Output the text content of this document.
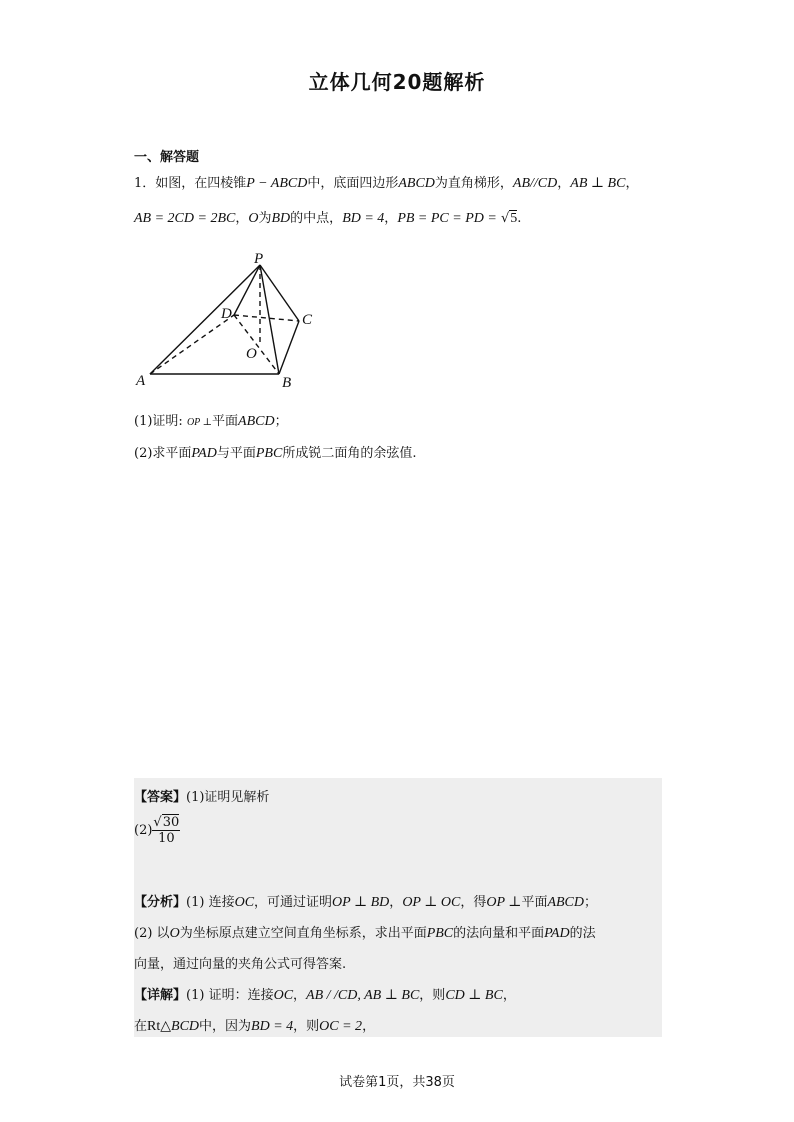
立体几何20题解析
一、解答题
1．如图，在四棱锥P − ABCD中，底面四边形ABCD为直角梯形，AB//CD，AB ⊥ BC，
AB = 2CD = 2BC，O为BD的中点，BD = 4，PB = PC = PD = √5.
P
D	C
O
A	B
(1)证明: OP ⊥平面ABCD；
(2)求平面PAD与平面PBC所成锐二面角的余弦值.
【答案】(1)证明见解析
$(2) \frac{√30}{10}$
【分析】(1) 连接OC，可通过证明OP ⊥ BD，OP ⊥ OC，得OP ⊥平面ABCD；
(2) 以O为坐标原点建立空间直角坐标系，求出平面PBC的法向量和平面PAD的法
向量，通过向量的夹角公式可得答案.
【详解】(1) 证明：连接OC，AB / /CD, AB ⊥ BC，则CD ⊥ BC，
在Rt△BCD中，因为BD = 4，则OC = 2，
试卷第1页，共38页
